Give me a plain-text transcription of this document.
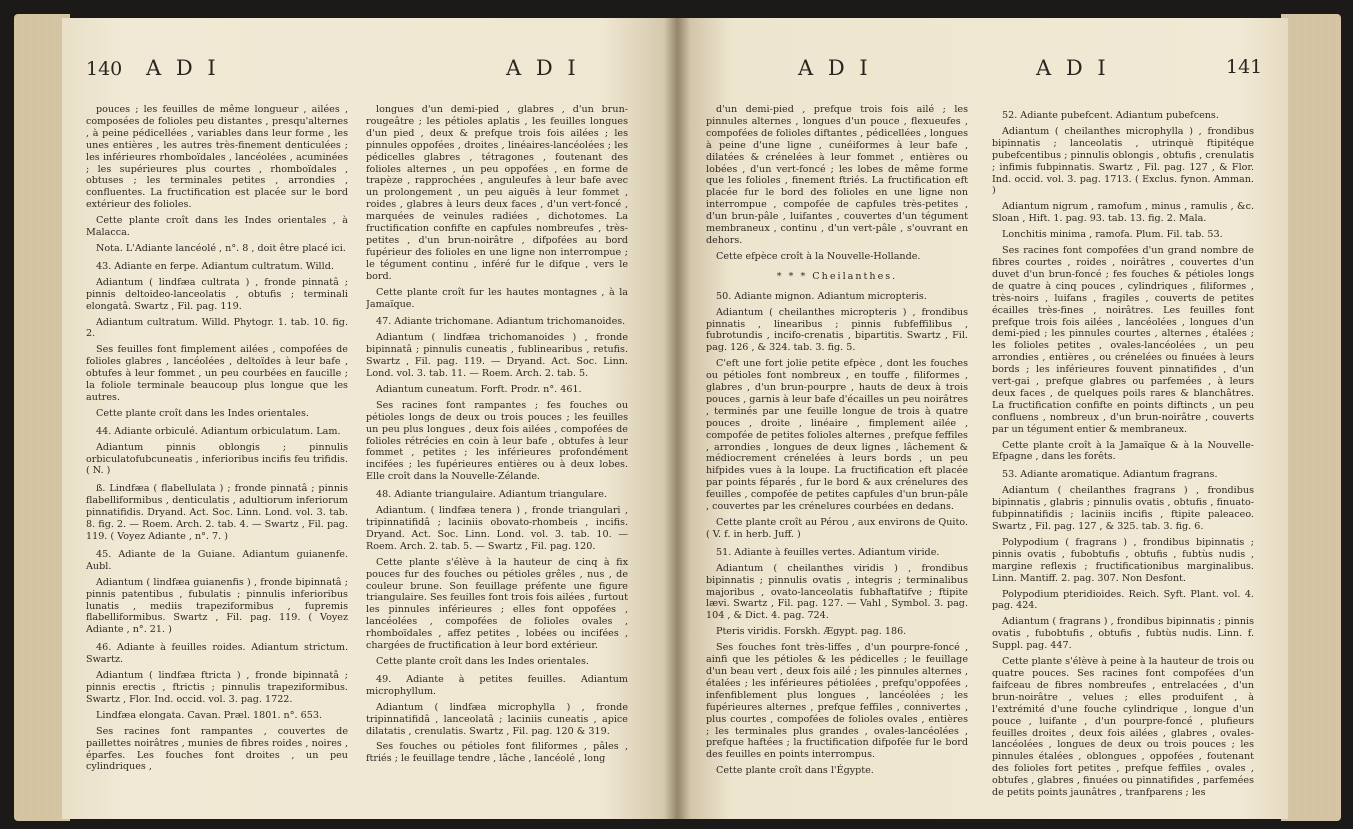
140 A D I	A D I

pouces ; les feuilles de même longueur , ailées , composées de folioles peu distantes , presqu'alternes , à peine pédicellées , variables dans leur forme , les unes entières , les autres très-finement denticulées ; les inférieures rhomboïdales , lancéolées , acuminées ; les supérieures plus courtes , rhomboïdales , obtuses ; les terminales petites , arrondies , confluentes. La fructification est placée sur le bord extérieur des folioles.

Cette plante croît dans les Indes orientales , à Malacca.

Nota. L'Adiante lancéolé , n°. 8 , doit être placé ici.

43. Adiante en ferpe. Adiantum cultratum. Willd.

Adiantum ( lindfæa cultrata ) , fronde pinnatâ ; pinnis deltoideo-lanceolatis , obtufis ; terminali elongatâ. Swartz , Fil. pag. 119.

Adiantum cultratum. Willd. Phytogr. 1. tab. 10. fig. 2.

Ses feuilles font fimplement ailées , compofées de folioles glabres , lancéolées , deltoïdes à leur bafe , obtufes à leur fommet , un peu courbées en faucille ; la foliole terminale beaucoup plus longue que les autres.

Cette plante croît dans les Indes orientales.

44. Adiante orbiculé. Adiantum orbiculatum. Lam.

Adiantum pinnis oblongis ; pinnulis orbiculatofubcuneatis , inferioribus incifis feu trifidis. ( N. )

ß. Lindfæa ( flabellulata ) ; fronde pinnatâ ; pinnis flabelliformibus , denticulatis , adultiorum inferiorum pinnatifidis. Dryand. Act. Soc. Linn. Lond. vol. 3. tab. 8. fig. 2. — Roem. Arch. 2. tab. 4. — Swartz , Fil. pag. 119. ( Voyez Adiante , n°. 7. )

45. Adiante de la Guiane. Adiantum guianenfe. Aubl.

Adiantum ( lindfæa guianenfis ) , fronde bipinnatâ ; pinnis patentibus , fubulatis ; pinnulis inferioribus lunatis , mediis trapeziformibus , fupremis flabelliformibus. Swartz , Fil. pag. 119. ( Voyez Adiante , n°. 21. )

46. Adiante à feuilles roides. Adiantum strictum. Swartz.

Adiantum ( lindfæa ftricta ) , fronde bipinnatâ ; pinnis erectis , ftrictis ; pinnulis trapeziformibus. Swartz , Flor. Ind. occid. vol. 3. pag. 1722.

Lindfæa elongata. Cavan. Præl. 1801. n°. 653.

Ses racines font rampantes , couvertes de paillettes noirâtres , munies de fibres roides , noires , éparfes. Les fouches font droites , un peu cylindriques ,

longues d'un demi-pied , glabres , d'un brun-rougeâtre ; les pétioles aplatis , les feuilles longues d'un pied , deux & prefque trois fois ailées ; les pinnules oppofées , droites , linéaires-lancéolées ; les pédicelles glabres , tétragones , foutenant des folioles alternes , un peu oppofées , en forme de trapèze , rapprochées , anguleufes à leur bafe avec un prolongement , un peu aiguës à leur fommet , roides , glabres à leurs deux faces , d'un vert-foncé , marquées de veinules radiées , dichotomes. La fructification confifte en capfules nombreufes , très-petites , d'un brun-noirâtre , difpofées au bord fupérieur des folioles en une ligne non interrompue ; le tégument continu , inféré fur le difque , vers le bord.

Cette plante croît fur les hautes montagnes , à la Jamaïque.

47. Adiante trichomane. Adiantum trichomanoides.

Adiantum ( lindfæa trichomanoides ) , fronde bipinnatâ ; pinnulis cuneatis , fublinearibus , retufis. Swartz , Fil. pag. 119. — Dryand. Act. Soc. Linn. Lond. vol. 3. tab. 11. — Roem. Arch. 2. tab. 5.

Adiantum cuneatum. Forft. Prodr. n°. 461.

Ses racines font rampantes ; fes fouches ou pétioles longs de deux ou trois pouces ; les feuilles un peu plus longues , deux fois ailées , compofées de folioles rétrécies en coin à leur bafe , obtufes à leur fommet , petites ; les inférieures profondément incifées ; les fupérieures entières ou à deux lobes. Elle croît dans la Nouvelle-Zélande.

48. Adiante triangulaire. Adiantum triangulare.

Adiantum. ( lindfæa tenera ) , fronde triangulari , tripinnatifidâ ; laciniis obovato-rhombeis , incifis. Dryand. Act. Soc. Linn. Lond. vol. 3. tab. 10. — Roem. Arch. 2. tab. 5. — Swartz , Fil. pag. 120.

Cette plante s'élève à la hauteur de cinq à fix pouces fur des fouches ou pétioles grêles , nus , de couleur brune. Son feuillage préfente une figure triangulaire. Ses feuilles font trois fois ailées , furtout les pinnules inférieures ; elles font oppofées , lancéolées , compofées de folioles ovales , rhomboïdales , affez petites , lobées ou incifées , chargées de fructification à leur bord extérieur.

Cette plante croît dans les Indes orientales.

49. Adiante à petites feuilles. Adiantum microphyllum.

Adiantum ( lindfæa microphylla ) , fronde tripinnatifidâ , lanceolatâ ; laciniis cuneatis , apice dilatatis , crenulatis. Swartz , Fil. pag. 120 & 319.

Ses fouches ou pétioles font filiformes , pâles , ftriés ; le feuillage tendre , lâche , lancéolé , long

A D I	A D I	141

d'un demi-pied , prefque trois fois ailé ; les pinnules alternes , longues d'un pouce , flexueufes , compofées de folioles diftantes , pédicellées , longues à peine d'une ligne , cunéiformes à leur bafe , dilatées & crénelées à leur fommet , entières ou lobées , d'un vert-foncé ; les lobes de même forme que les folioles , finement ftriés. La fructification eft placée fur le bord des folioles en une ligne non interrompue , compofée de capfules très-petites , d'un brun-pâle , luifantes , couvertes d'un tégument membraneux , continu , d'un vert-pâle , s'ouvrant en dehors.

Cette efpèce croît à la Nouvelle-Hollande.

* * * Cheilanthes.

50. Adiante mignon. Adiantum micropteris.

Adiantum ( cheilanthes micropteris ) , frondibus pinnatis , linearibus ; pinnis fubfeffilibus , fubrotundis , incifo-crenatis , bipartitis. Swartz , Fil. pag. 126 , & 324. tab. 3. fig. 5.

C'eft une fort jolie petite efpèce , dont les fouches ou pétioles font nombreux , en touffe , filiformes , glabres , d'un brun-pourpre , hauts de deux à trois pouces , garnis à leur bafe d'écailles un peu noirâtres , terminés par une feuille longue de trois à quatre pouces , droite , linéaire , fimplement ailée , compofée de petites folioles alternes , prefque feffiles , arrondies , longues de deux lignes , lâchement & médiocrement crénelées à leurs bords , un peu hifpides vues à la loupe. La fructification eft placée par points féparés , fur le bord & aux crénelures des feuilles , compofée de petites capfules d'un brun-pâle , couvertes par les crénelures courbées en dedans.

Cette plante croît au Pérou , aux environs de Quito. ( V. f. in herb. Juff. )

51. Adiante à feuilles vertes. Adiantum viride.

Adiantum ( cheilanthes viridis ) , frondibus bipinnatis ; pinnulis ovatis , integris ; terminalibus majoribus , ovato-lanceolatis fubhaftatifve ; ftipite lævi. Swartz , Fil. pag. 127. — Vahl , Symbol. 3. pag. 104 , & Dict. 4. pag. 724.

Pteris viridis. Forskh. Ægypt. pag. 186.

Ses fouches font très-liffes , d'un pourpre-foncé , ainfi que les pétioles & les pédicelles ; le feuillage d'un beau vert , deux fois ailé ; les pinnules alternes , étalées ; les inférieures pétiolées , prefqu'oppofées , infenfiblement plus longues , lancéolées ; les fupérieures alternes , prefque feffiles , connivertes , plus courtes , compofées de folioles ovales , entières ; les terminales plus grandes , ovales-lancéolées , prefque haftées ; la fructification difpofée fur le bord des feuilles en points interrompus.

Cette plante croît dans l'Égypte.

52. Adiante pubefcent. Adiantum pubefcens.

Adiantum ( cheilanthes microphylla ) , frondibus bipinnatis ; lanceolatis , utrinquè ftipitéque pubefcentibus ; pinnulis oblongis , obtufis , crenulatis ; infimis fubpinnatis. Swartz , Fil. pag. 127 , & Flor. Ind. occid. vol. 3. pag. 1713. ( Exclus. fynon. Amman. )

Adiantum nigrum , ramofum , minus , ramulis , &c. Sloan , Hift. 1. pag. 93. tab. 13. fig. 2. Mala.

Lonchitis minima , ramofa. Plum. Fil. tab. 53.

Ses racines font compofées d'un grand nombre de fibres courtes , roides , noirâtres , couvertes d'un duvet d'un brun-foncé ; fes fouches & pétioles longs de quatre à cinq pouces , cylindriques , filiformes , très-noirs , luifans , fragiles , couverts de petites écailles très-fines , noirâtres. Les feuilles font prefque trois fois ailées , lancéolées , longues d'un demi-pied ; les pinnules courtes , alternes , étalées ; les folioles petites , ovales-lancéolées , un peu arrondies , entières , ou crénelées ou finuées à leurs bords ; les inférieures fouvent pinnatifides , d'un vert-gai , prefque glabres ou parfemées , à leurs deux faces , de quelques poils rares & blanchâtres. La fructification confifte en points diftincts , un peu confluens , nombreux , d'un brun-noirâtre , couverts par un tégument entier & membraneux.

Cette plante croît à la Jamaïque & à la Nouvelle-Efpagne , dans les forêts.

53. Adiante aromatique. Adiantum fragrans.

Adiantum ( cheilanthes fragrans ) , frondibus bipinnatis , glabris ; pinnulis ovatis , obtufis , finuato-fubpinnatifidis ; laciniis incifis , ftipite paleaceo. Swartz , Fil. pag. 127 , & 325. tab. 3. fig. 6.

Polypodium ( fragrans ) , frondibus bipinnatis ; pinnis ovatis , fubobtufis , obtufis , fubtùs nudis , margine reflexis ; fructificationibus marginalibus. Linn. Mantiff. 2. pag. 307. Non Desfont.

Polypodium pteridioides. Reich. Syft. Plant. vol. 4. pag. 424.

Adiantum ( fragrans ) , frondibus bipinnatis ; pinnis ovatis , fubobtufis , obtufis , fubtùs nudis. Linn. f. Suppl. pag. 447.

Cette plante s'élève à peine à la hauteur de trois ou quatre pouces. Ses racines font compofées d'un faifceau de fibres nombreufes , entrelacées , d'un brun-noirâtre , velues ; elles produifent , à l'extrémité d'une fouche cylindrique , longue d'un pouce , luifante , d'un pourpre-foncé , plufieurs feuilles droites , deux fois ailées , glabres , ovales-lancéolées , longues de deux ou trois pouces ; les pinnules étalées , oblongues , oppofées , foutenant des folioles fort petites , prefque feffiles , ovales , obtufes , glabres , finuées ou pinnatifides , parfemées de petits points jaunâtres , tranfparens ; les
